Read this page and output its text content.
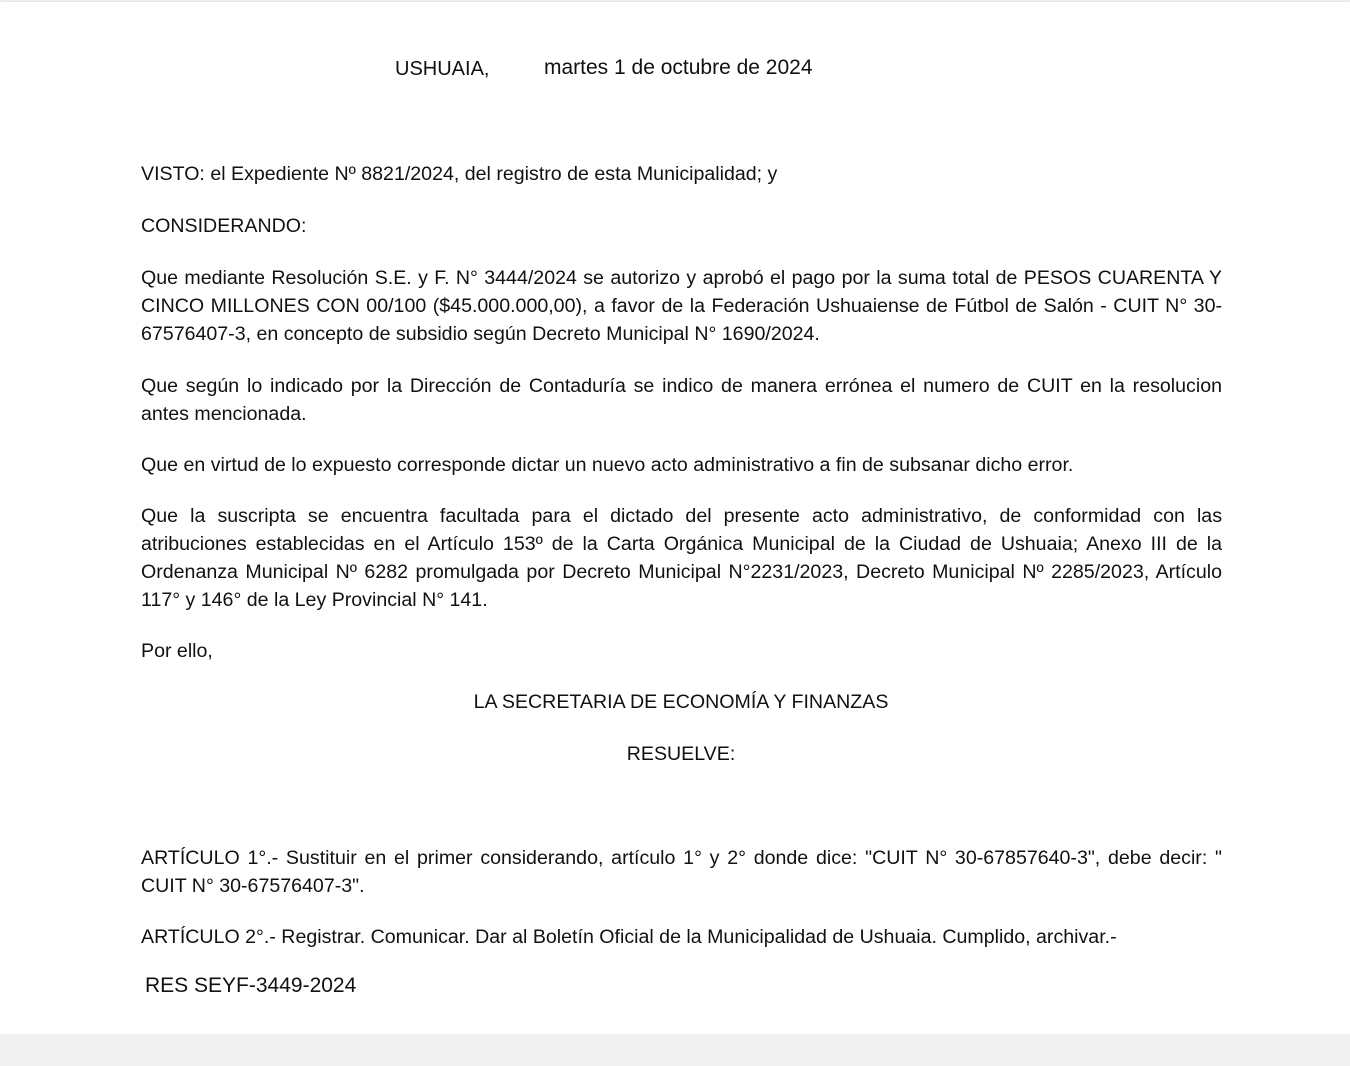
USHUAIA,	martes 1 de octubre de 2024
VISTO: el Expediente Nº 8821/2024, del registro de esta Municipalidad; y
CONSIDERANDO:
Que mediante Resolución S.E. y F. N° 3444/2024 se autorizo y aprobó el pago por la suma total de PESOS CUARENTA Y CINCO MILLONES CON 00/100 ($45.000.000,00), a favor de la Federación Ushuaiense de Fútbol de Salón - CUIT N° 30-67576407-3, en concepto de subsidio según Decreto Municipal N° 1690/2024.
Que según lo indicado por la Dirección de Contaduría se indico de manera errónea el numero de CUIT en la resolucion antes mencionada.
Que en virtud de lo expuesto corresponde dictar un nuevo acto administrativo a fin de subsanar dicho error.
Que la suscripta se encuentra facultada para el dictado del presente acto administrativo, de conformidad con las atribuciones establecidas en el Artículo 153º de la Carta Orgánica Municipal de la Ciudad de Ushuaia; Anexo III de la Ordenanza Municipal Nº 6282 promulgada por Decreto Municipal N°2231/2023, Decreto Municipal Nº 2285/2023, Artículo 117° y 146° de la Ley Provincial N° 141.
Por ello,
LA SECRETARIA DE ECONOMÍA Y FINANZAS
RESUELVE:
ARTÍCULO 1°.- Sustituir en el primer considerando, artículo 1° y 2° donde dice: "CUIT N° 30-67857640-3", debe decir: " CUIT N° 30-67576407-3".
ARTÍCULO 2°.- Registrar. Comunicar. Dar al Boletín Oficial de la Municipalidad de Ushuaia. Cumplido, archivar.-
RES SEYF-3449-2024
